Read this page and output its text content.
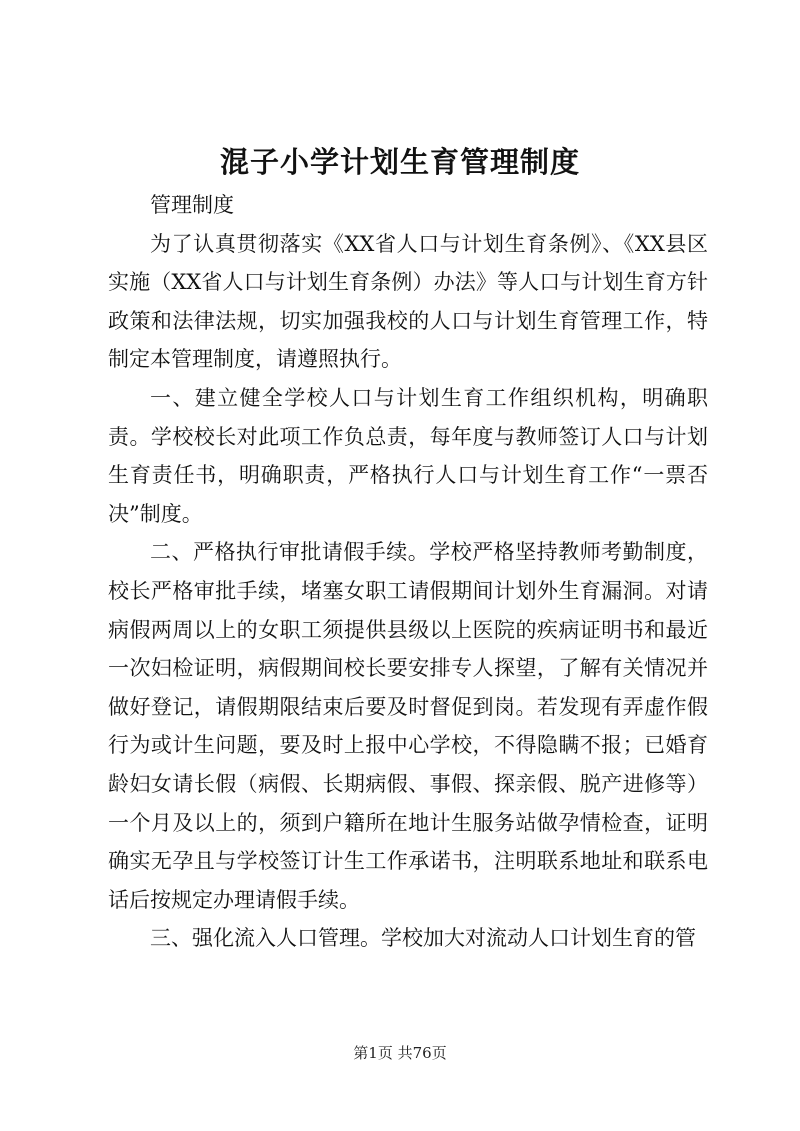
混子小学计划生育管理制度

管理制度

为了认真贯彻落实《XX省人口与计划生育条例》、《XX县区实施（XX省人口与计划生育条例）办法》等人口与计划生育方针政策和法律法规，切实加强我校的人口与计划生育管理工作，特制定本管理制度，请遵照执行。

一、建立健全学校人口与计划生育工作组织机构，明确职责。学校校长对此项工作负总责，每年度与教师签订人口与计划生育责任书，明确职责，严格执行人口与计划生育工作“一票否决”制度。

二、严格执行审批请假手续。学校严格坚持教师考勤制度，校长严格审批手续，堵塞女职工请假期间计划外生育漏洞。对请病假两周以上的女职工须提供县级以上医院的疾病证明书和最近一次妇检证明，病假期间校长要安排专人探望，了解有关情况并做好登记，请假期限结束后要及时督促到岗。若发现有弄虚作假行为或计生问题，要及时上报中心学校，不得隐瞒不报；已婚育龄妇女请长假（病假、长期病假、事假、探亲假、脱产进修等）一个月及以上的，须到户籍所在地计生服务站做孕情检查，证明确实无孕且与学校签订计生工作承诺书，注明联系地址和联系电话后按规定办理请假手续。

三、强化流入人口管理。学校加大对流动人口计划生育的管

第1页 共76页
